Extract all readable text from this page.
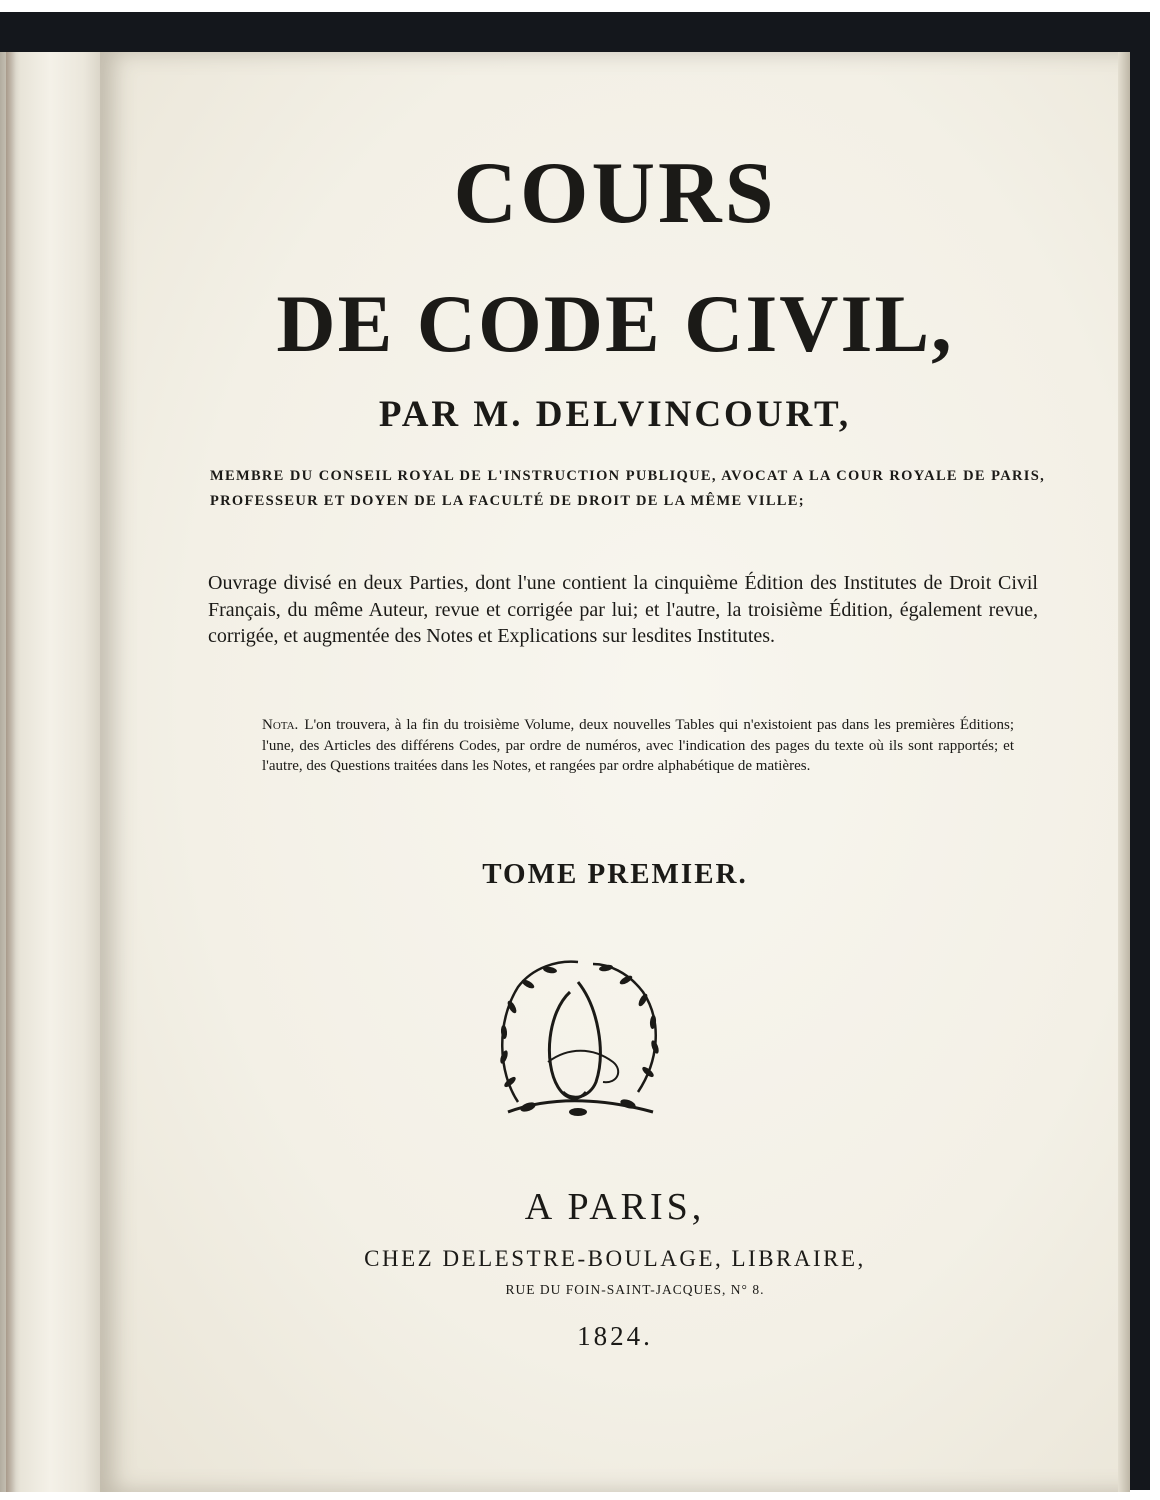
COURS
DE CODE CIVIL,
PAR M. DELVINCOURT,

MEMBRE DU CONSEIL ROYAL DE L'INSTRUCTION PUBLIQUE, AVOCAT A LA COUR ROYALE DE PARIS, PROFESSEUR ET DOYEN DE LA FACULTÉ DE DROIT DE LA MÊME VILLE;

Ouvrage divisé en deux Parties, dont l'une contient la cinquième Édition des Institutes de Droit Civil Français, du même Auteur, revue et corrigée par lui; et l'autre, la troisième Édition, également revue, corrigée, et augmentée des Notes et Explications sur lesdites Institutes.

Nota. L'on trouvera, à la fin du troisième Volume, deux nouvelles Tables qui n'existoient pas dans les premières Éditions; l'une, des Articles des différens Codes, par ordre de numéros, avec l'indication des pages du texte où ils sont rapportés; et l'autre, des Questions traitées dans les Notes, et rangées par ordre alphabétique de matières.

TOME PREMIER.
A PARIS,
CHEZ DELESTRE-BOULAGE, LIBRAIRE,
RUE DU FOIN-SAINT-JACQUES, N° 8.
1824.
